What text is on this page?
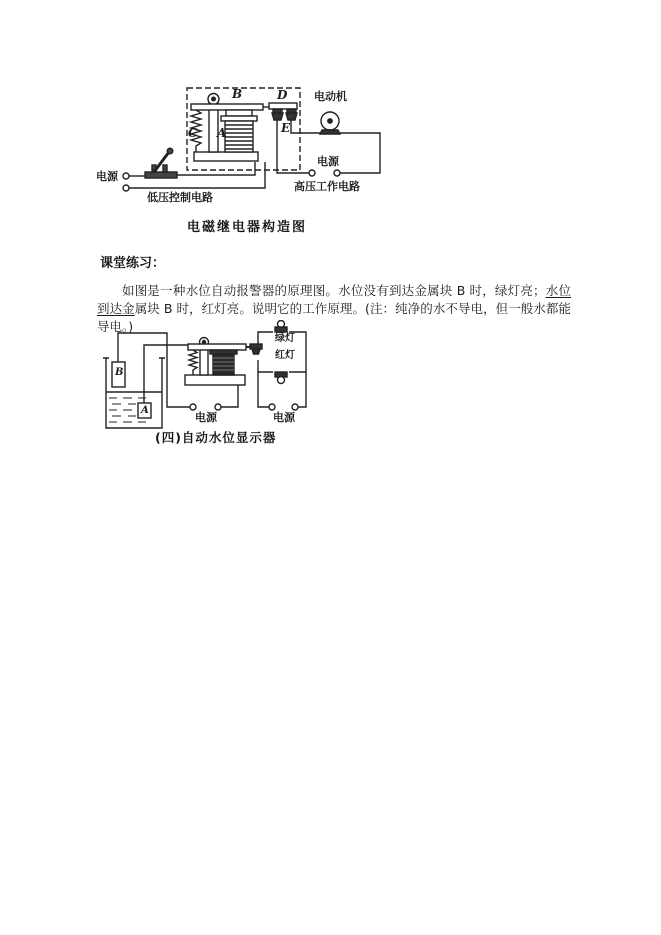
B	D
E
A
C
电动机
电源
电源
低压控制电路
高压工作电路
电磁继电器构造图
课堂练习：

如图是一种水位自动报警器的原理图。水位没有到达金属块 B 时，绿灯亮；水位到达金属块 B 时，红灯亮。说明它的工作原理。(注：纯净的水不导电，但一般水都能导电。)

B
A
绿灯
红灯
电源	电源
(四)自动水位显示器
